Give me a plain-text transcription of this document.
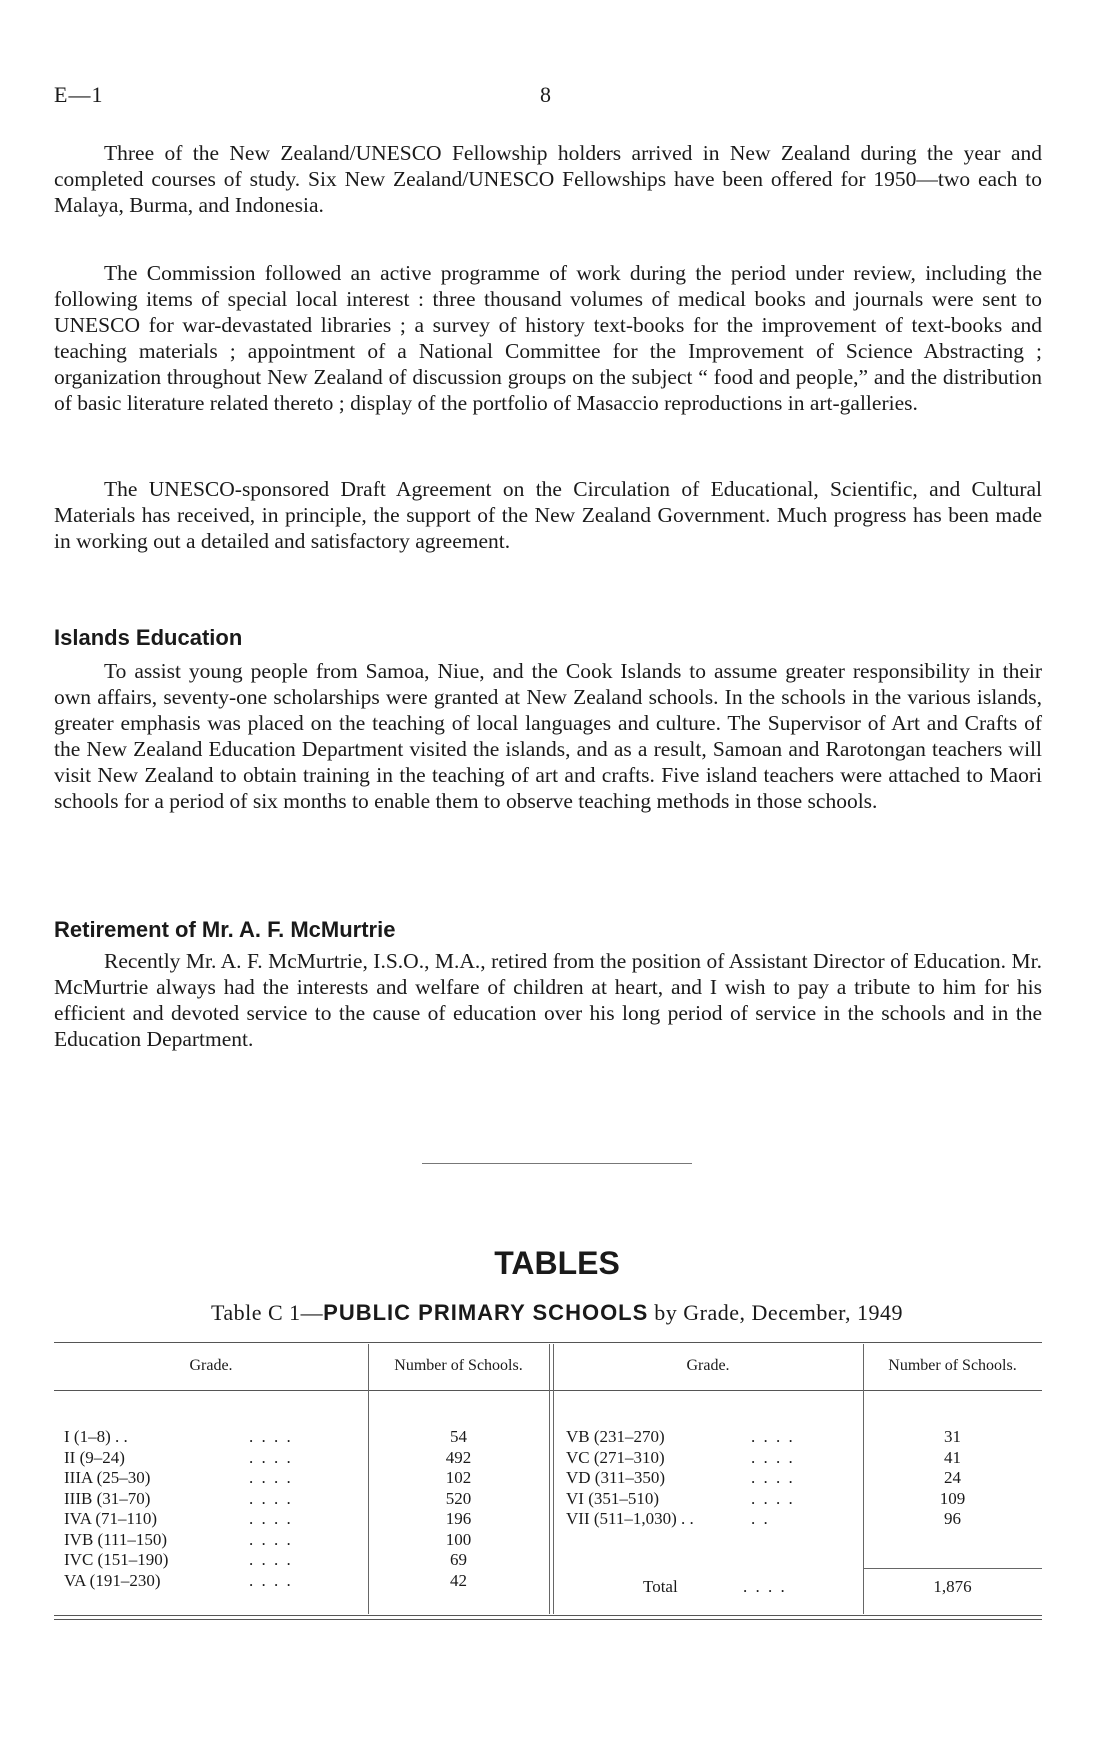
E—1	8

Three of the New Zealand/UNESCO Fellowship holders arrived in New Zealand during the year and completed courses of study. Six New Zealand/UNESCO Fellowships have been offered for 1950—two each to Malaya, Burma, and Indonesia.

The Commission followed an active programme of work during the period under review, including the following items of special local interest : three thousand volumes of medical books and journals were sent to UNESCO for war-devastated libraries ; a survey of history text-books for the improvement of text-books and teaching materials ; appointment of a National Committee for the Improvement of Science Abstracting ; organization throughout New Zealand of discussion groups on the subject “ food and people,” and the distribution of basic literature related thereto ; display of the portfolio of Masaccio reproductions in art-galleries.

The UNESCO-sponsored Draft Agreement on the Circulation of Educational, Scientific, and Cultural Materials has received, in principle, the support of the New Zealand Government. Much progress has been made in working out a detailed and satisfactory agreement.

Islands Education

To assist young people from Samoa, Niue, and the Cook Islands to assume greater responsibility in their own affairs, seventy-one scholarships were granted at New Zealand schools. In the schools in the various islands, greater emphasis was placed on the teaching of local languages and culture. The Supervisor of Art and Crafts of the New Zealand Education Department visited the islands, and as a result, Samoan and Rarotongan teachers will visit New Zealand to obtain training in the teaching of art and crafts. Five island teachers were attached to Maori schools for a period of six months to enable them to observe teaching methods in those schools.

Retirement of Mr. A. F. McMurtrie

Recently Mr. A. F. McMurtrie, I.S.O., M.A., retired from the position of Assistant Director of Education. Mr. McMurtrie always had the interests and welfare of children at heart, and I wish to pay a tribute to him for his efficient and devoted service to the cause of education over his long period of service in the schools and in the Education Department.

TABLES
Table C 1—PUBLIC PRIMARY SCHOOLS by Grade, December, 1949
Grade.	Number of Schools.	Grade.	Number of Schools.
I (1–8) . .	. . . .	54
II (9–24)	. . . .	492
IIIA (25–30)	. . . .	102
IIIB (31–70)	. . . .	520
IVA (71–110)	. . . .	196
IVB (111–150)	. . . .	100
IVC (151–190)	. . . .	69
VA (191–230)	. . . .	42
VB (231–270)	. . . .	31
VC (271–310)	. . . .	41
VD (311–350)	. . . .	24
VI (351–510)	. . . .	109
VII (511–1,030) . .	. .	96
Total	. . . .	1,876
